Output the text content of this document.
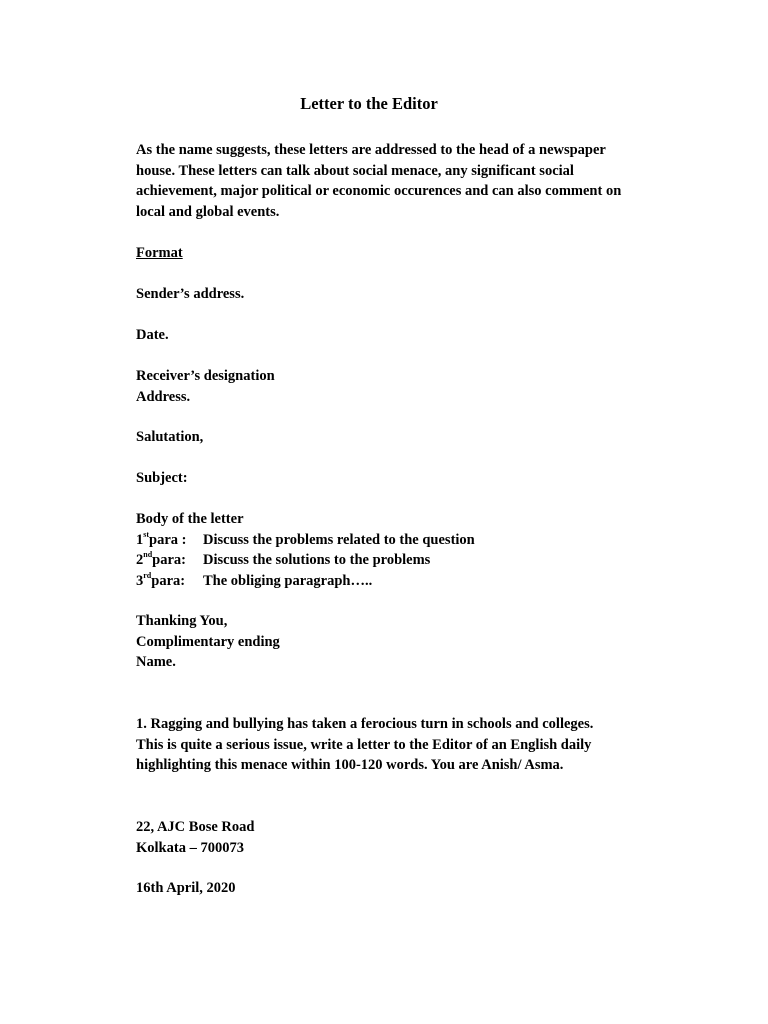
Letter to the Editor
As the name suggests, these letters are addressed to the head of a newspaper
house. These letters can talk about social menace, any significant social
achievement, major political or economic occurences and can also comment on
local and global events.
Format
Sender’s address.
Date.
Receiver’s designation
Address.
Salutation,
Subject:
Body of the letter
1stpara : Discuss the problems related to the question
2ndpara: Discuss the solutions to the problems
3rdpara: The obliging paragraph…..
Thanking You,
Complimentary ending
Name.
1. Ragging and bullying has taken a ferocious turn in schools and colleges.
This is quite a serious issue, write a letter to the Editor of an English daily
highlighting this menace within 100-120 words. You are Anish/ Asma.
22, AJC Bose Road
Kolkata – 700073
16th April, 2020
